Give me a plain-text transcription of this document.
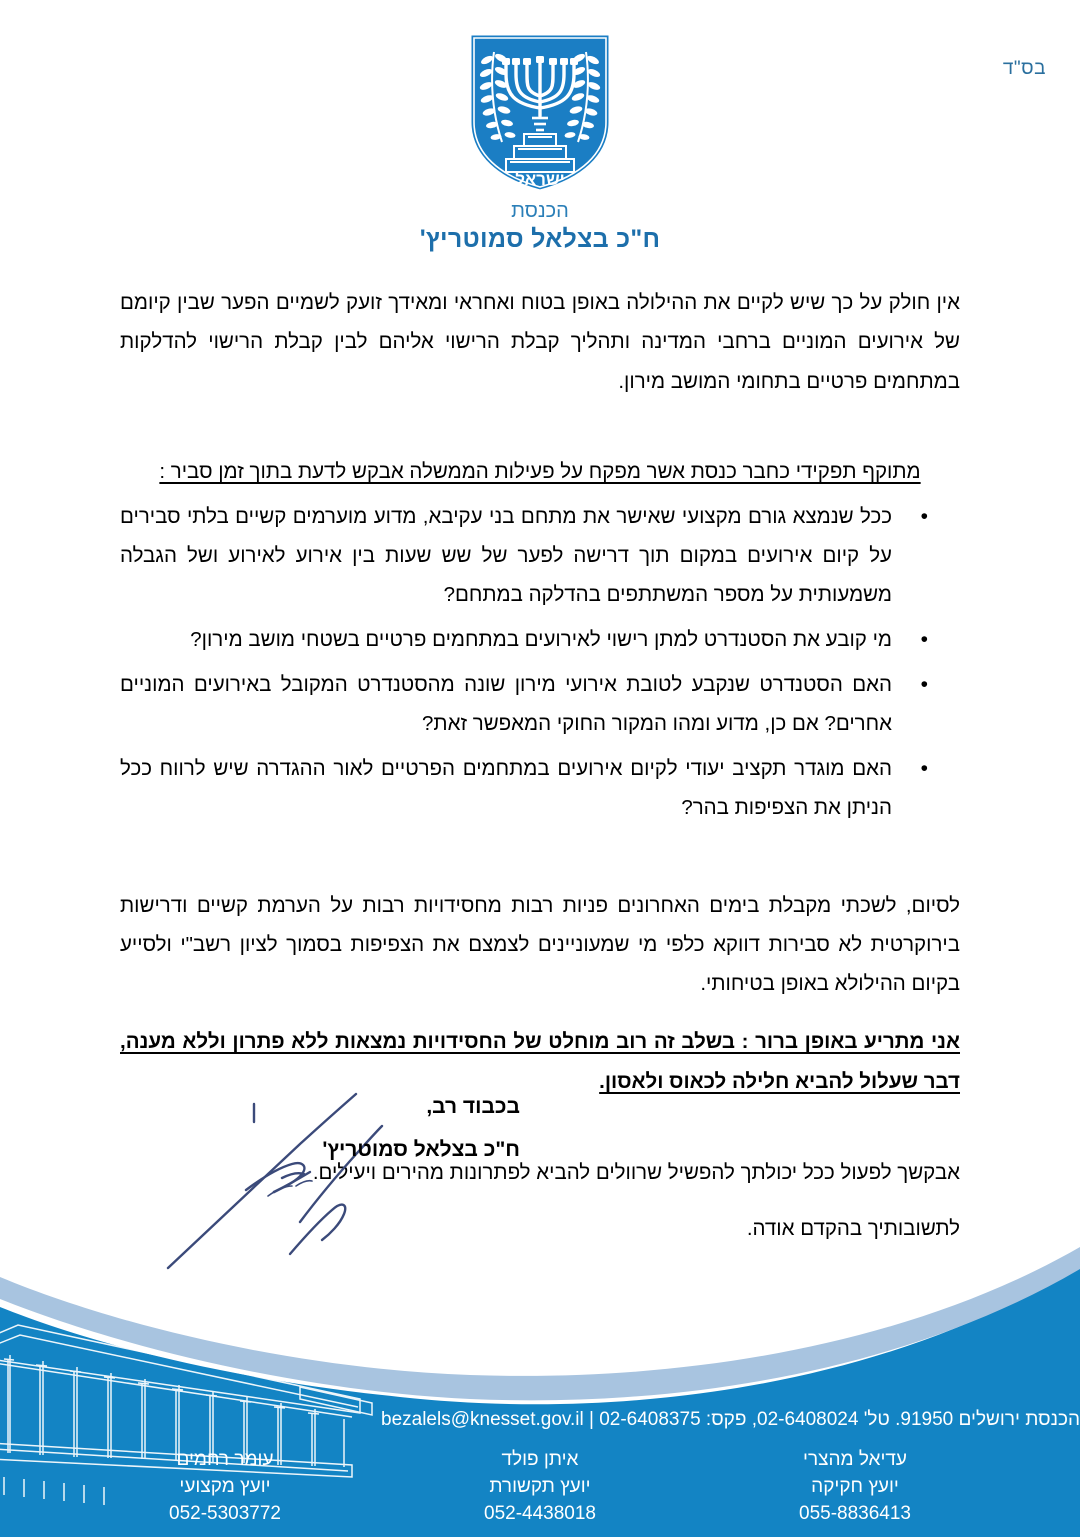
בס"ד
ישראל
הכנסת
ח"כ בצלאל סמוטריץ'

אין חולק על כך שיש לקיים את ההילולה באופן בטוח ואחראי ומאידך זועק לשמיים הפער שבין קיומם של אירועים המוניים ברחבי המדינה ותהליך קבלת הרישוי אליהם לבין קבלת הרישוי להדלקות במתחמים פרטיים בתחומי המושב מירון.

מתוקף תפקידי כחבר כנסת אשר מפקח על פעילות הממשלה אבקש לדעת בתוך זמן סביר :

• ככל שנמצא גורם מקצועי שאישר את מתחם בני עקיבא, מדוע מוערמים קשיים בלתי סבירים על קיום אירועים במקום תוך דרישה לפער של שש שעות בין אירוע לאירוע ושל הגבלה משמעותית על מספר המשתתפים בהדלקה במתחם?
• מי קובע את הסטנדרט למתן רישוי לאירועים במתחמים פרטיים בשטחי מושב מירון?
• האם הסטנדרט שנקבע לטובת אירועי מירון שונה מהסטנדרט המקובל באירועים המוניים אחרים? אם כן, מדוע ומהו המקור החוקי המאפשר זאת?
• האם מוגדר תקציב יעודי לקיום אירועים במתחמים הפרטיים לאור ההגדרה שיש לרווח ככל הניתן את הצפיפות בהר?

לסיום, לשכתי מקבלת בימים האחרונים פניות רבות מחסידויות רבות על הערמת קשיים ודרישות בירוקרטית לא סבירות דווקא כלפי מי שמעוניינים לצמצם את הצפיפות בסמוך לציון רשב"י ולסייע בקיום ההילולא באופן בטיחותי.

אני מתריע באופן ברור : בשלב זה רוב מוחלט של החסידויות נמצאות ללא פתרון וללא מענה, דבר שעלול להביא חלילה לכאוס ולאסון.

אבקשך לפעול ככל יכולתך להפשיל שרוולים להביא לפתרונות מהירים ויעילים.

לתשובותיך בהקדם אודה.

בכבוד רב,
ח"כ בצלאל סמוטריץ'
הכנסת ירושלים 91950. טל' 02-6408024, פקס: 02-6408375 | bezalels@knesset.gov.il
עדיאל מהצרי
יועץ חקיקה
055-8836413
איתן פולד
יועץ תקשורת
052-4438018
עומר רחמים
יועץ מקצועי
052-5303772
